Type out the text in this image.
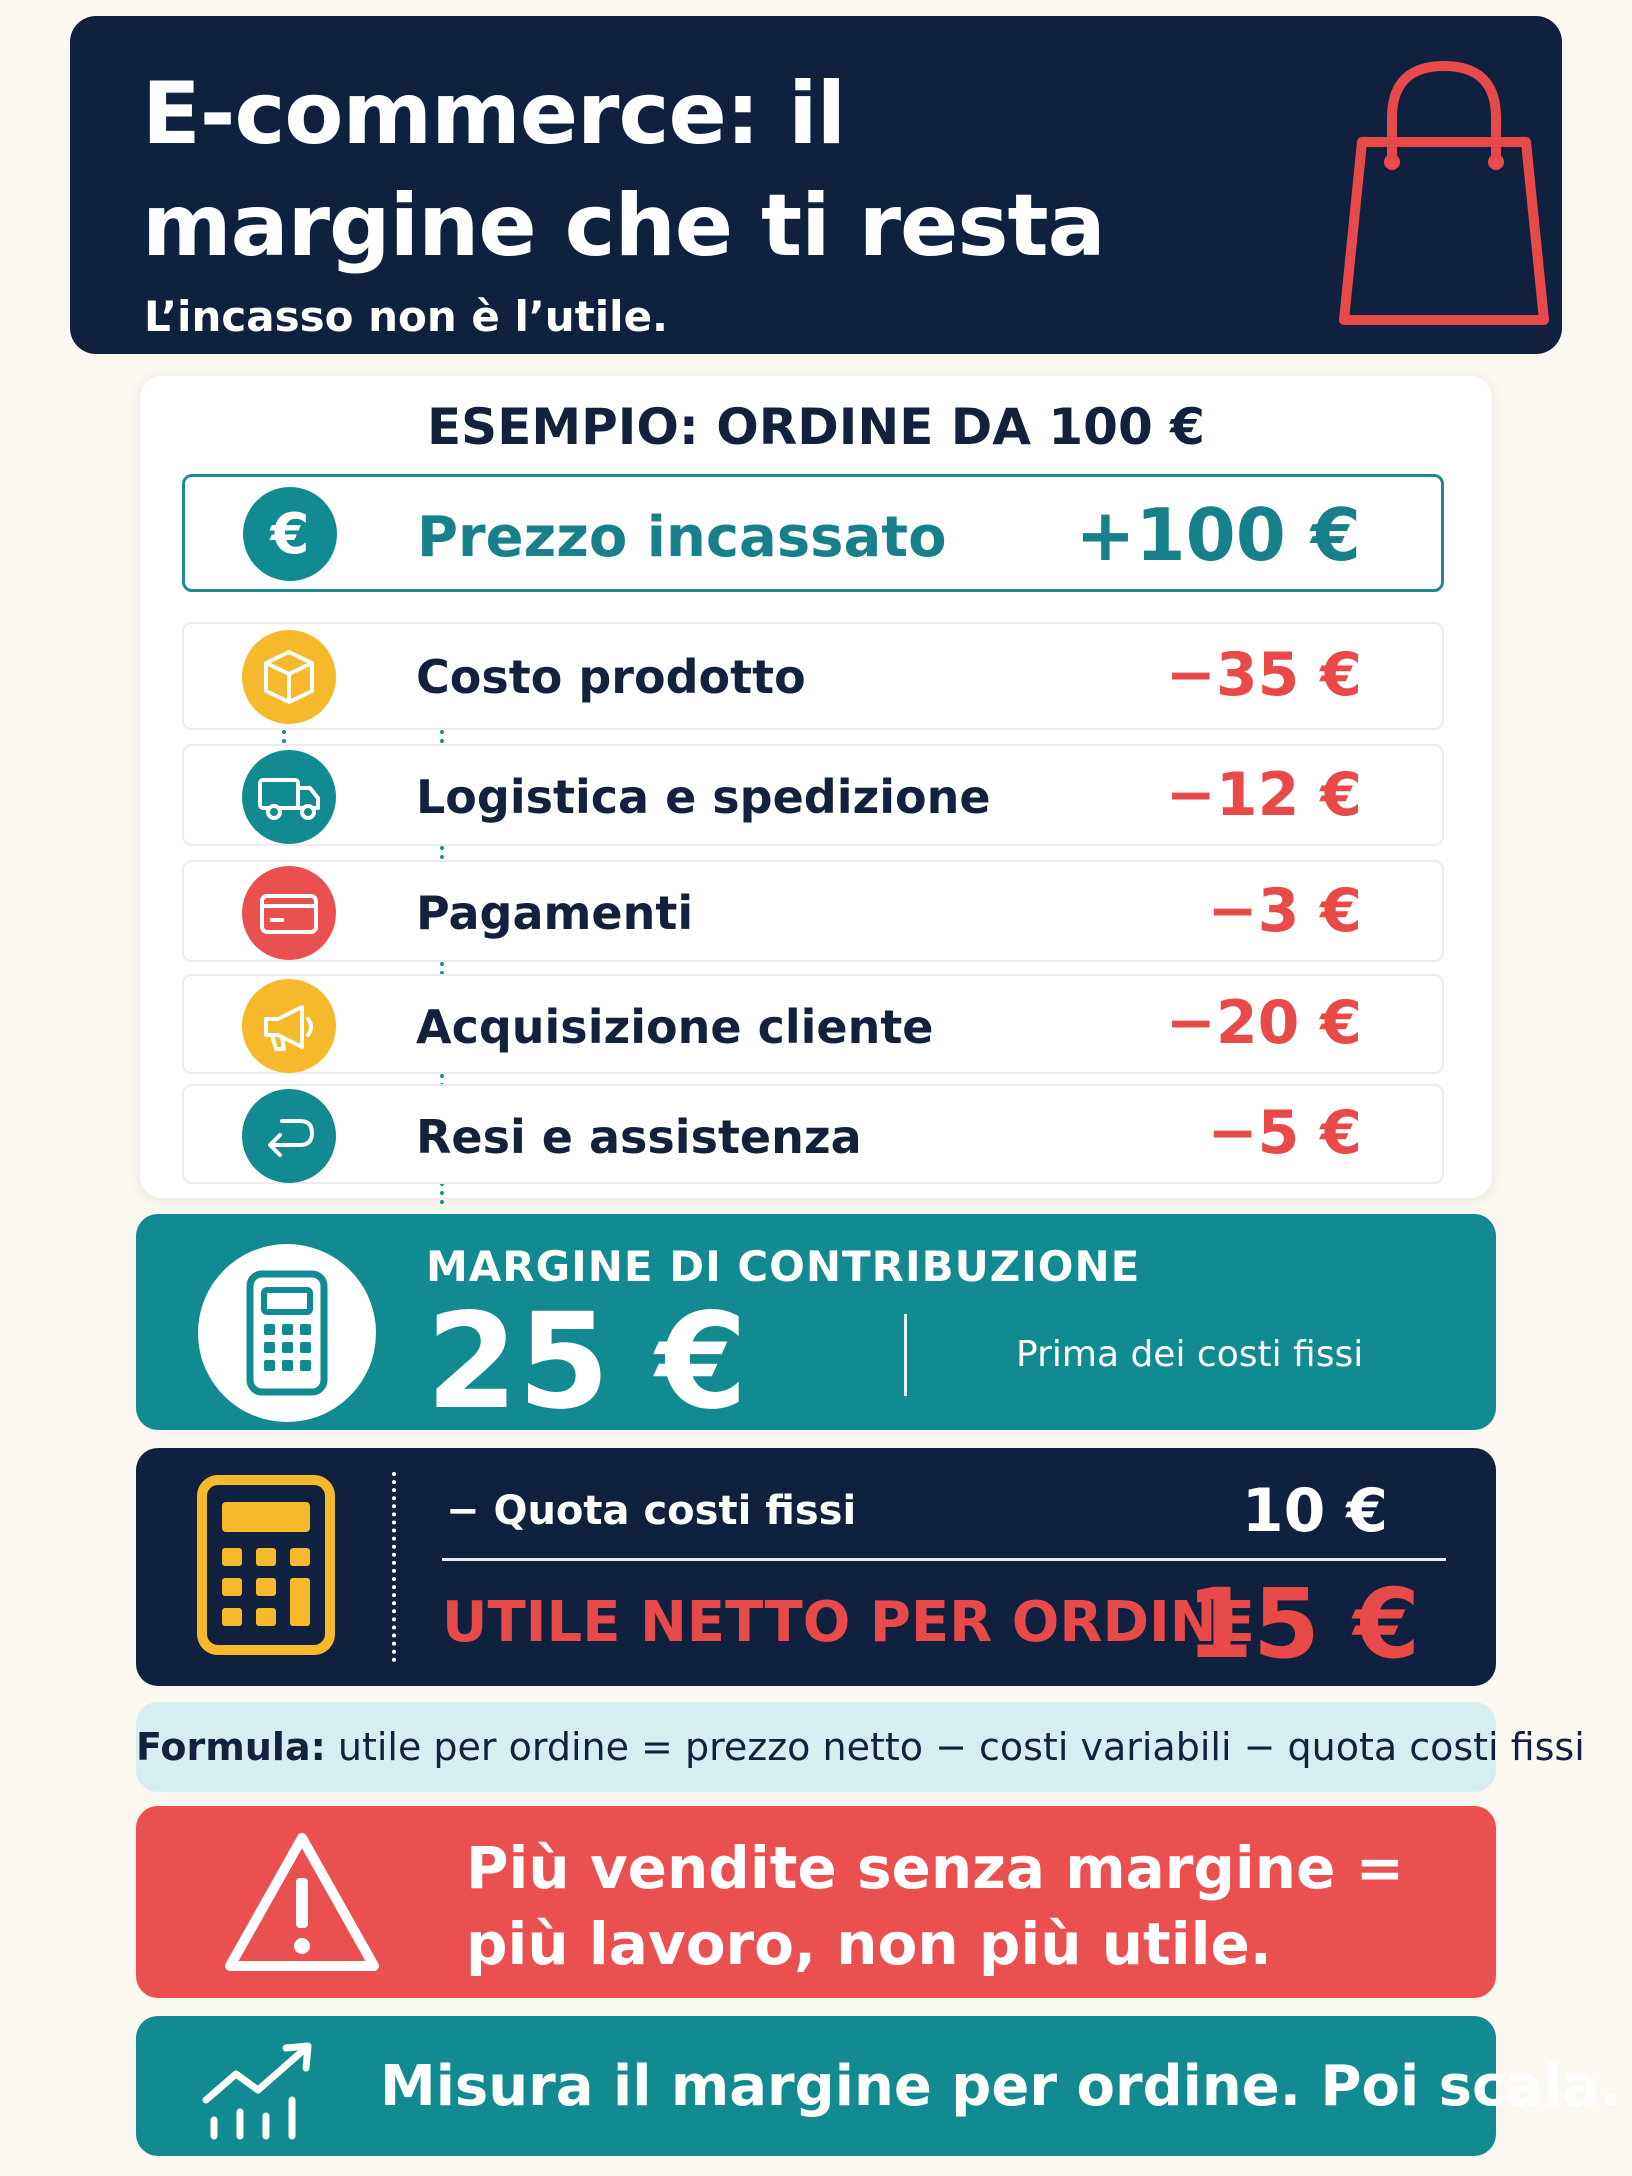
E-commerce: il margine che ti resta
L’incasso non è l’utile.
ESEMPIO: ORDINE DA 100 €
€ Prezzo incassato +100 €
Costo prodotto	−35 €
Logistica e spedizione	−12 €
Pagamenti	−3 €
Acquisizione cliente	−20 €
Resi e assistenza	−5 €
MARGINE DI CONTRIBUZIONE
25 €	Prima dei costi fissi
− Quota costi fissi	10 €
UTILE NETTO PER ORDINE
15 €
Formula: utile per ordine = prezzo netto − costi variabili − quota costi fissi
Più vendite senza margine =
più lavoro, non più utile.
Misura il margine per ordine. Poi scala.
